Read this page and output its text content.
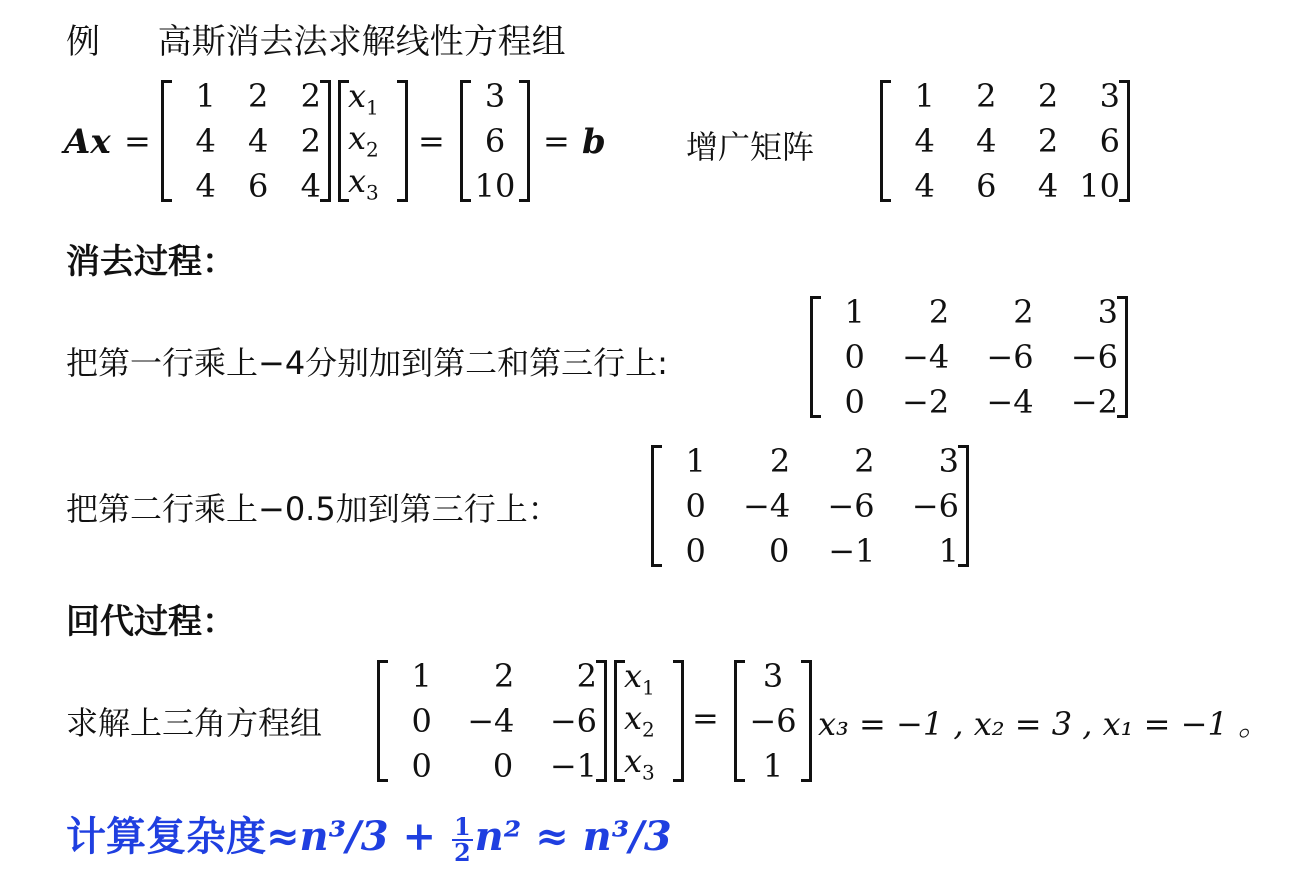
例 高斯消去法求解线性方程组
Ax =
1	2	2
4	4	2
4	6	4
$x_1$
$x_2$
$x_3$
=
3
6
10
= b	增广矩阵
1	2	2	3
4	4	2	6
4	6	4 10
消去过程：
把第一行乘上−4分别加到第二和第三行上:
1	2	2	3
0 −4 −6 −6
0 −2 −4 −2
把第二行乘上−0.5加到第三行上：
1	2	2	3
0 −4 −6 −6
0	0 −1	1
回代过程：
求解上三角方程组
1	2	2
0 −4 −6
0	0 −1
$x_1$
$x_2$
$x_3$
=
3
−6
1
x₃ = −1 , x₂ = 3 , x₁ = −1 。
计算复杂度$\approx n^3/3 + \frac{1}{2} n^2 \approx n^3/3$
